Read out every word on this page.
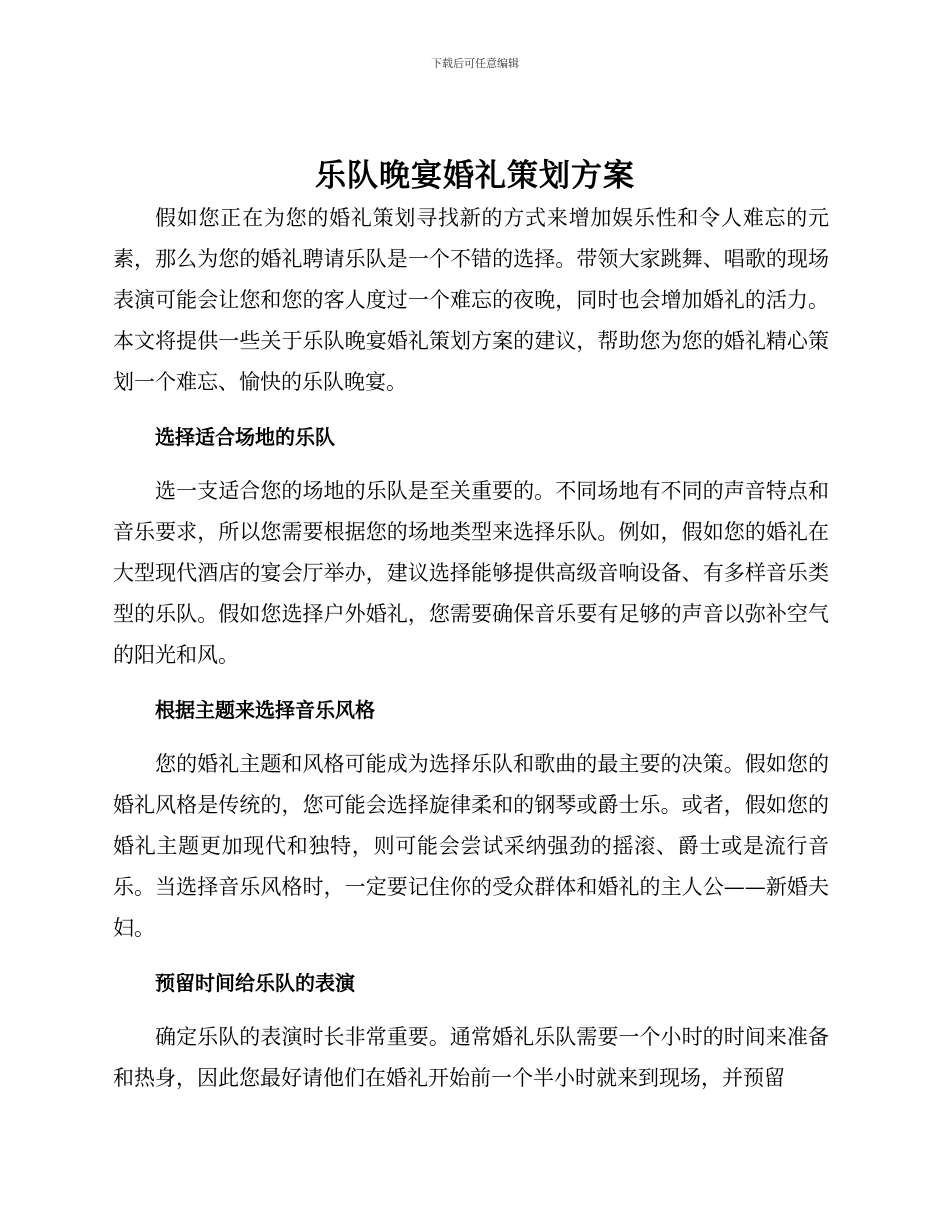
下载后可任意编辑
乐队晚宴婚礼策划方案

假如您正在为您的婚礼策划寻找新的方式来增加娱乐性和令人难忘的元素，那么为您的婚礼聘请乐队是一个不错的选择。带领大家跳舞、唱歌的现场表演可能会让您和您的客人度过一个难忘的夜晚，同时也会增加婚礼的活力。本文将提供一些关于乐队晚宴婚礼策划方案的建议，帮助您为您的婚礼精心策划一个难忘、愉快的乐队晚宴。

选择适合场地的乐队

选一支适合您的场地的乐队是至关重要的。不同场地有不同的声音特点和音乐要求，所以您需要根据您的场地类型来选择乐队。例如，假如您的婚礼在大型现代酒店的宴会厅举办，建议选择能够提供高级音响设备、有多样音乐类型的乐队。假如您选择户外婚礼，您需要确保音乐要有足够的声音以弥补空气的阳光和风。

根据主题来选择音乐风格

您的婚礼主题和风格可能成为选择乐队和歌曲的最主要的决策。假如您的婚礼风格是传统的，您可能会选择旋律柔和的钢琴或爵士乐。或者，假如您的婚礼主题更加现代和独特，则可能会尝试采纳强劲的摇滚、爵士或是流行音乐。当选择音乐风格时，一定要记住你的受众群体和婚礼的主人公——新婚夫妇。

预留时间给乐队的表演

确定乐队的表演时长非常重要。通常婚礼乐队需要一个小时的时间来准备和热身，因此您最好请他们在婚礼开始前一个半小时就来到现场，并预留
